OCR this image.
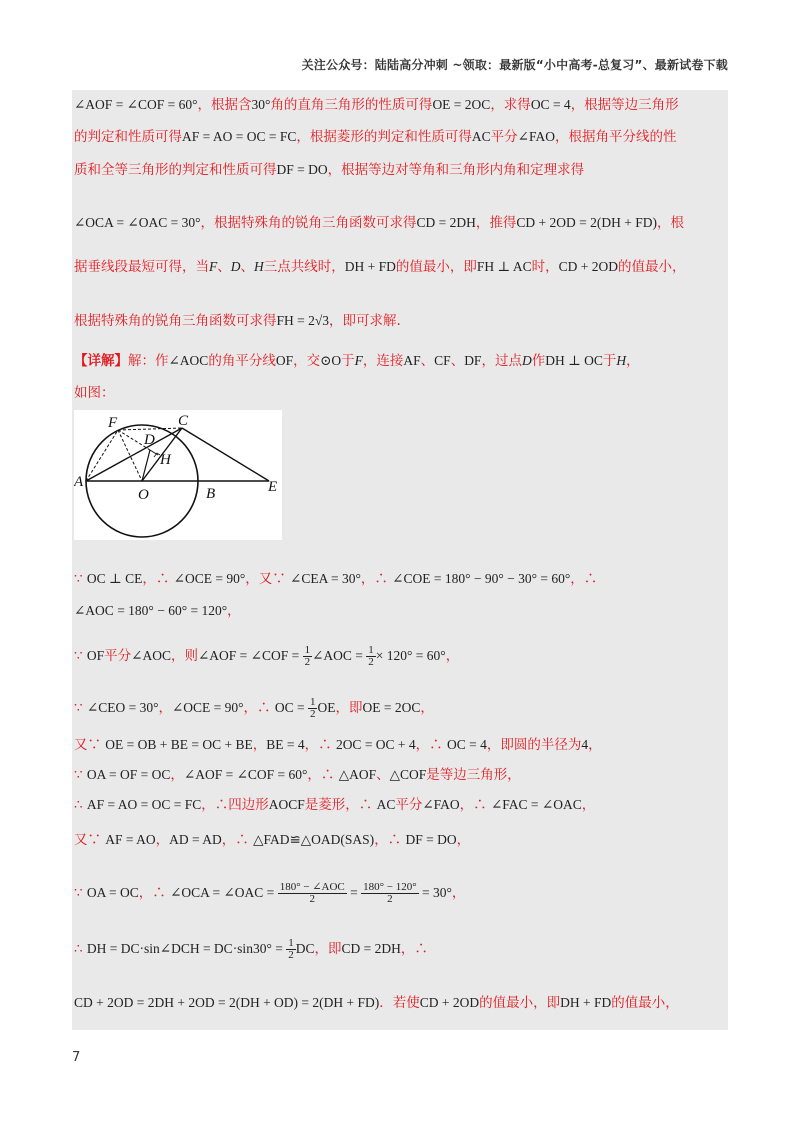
关注公众号：陆陆高分冲刺 ~领取：最新版“小中高考-总复习”、最新试卷下载
∠AOF = ∠COF = 60°，根据含30°角的直角三角形的性质可得OE = 2OC，求得OC = 4，根据等边三角形
的判定和性质可得AF = AO = OC = FC，根据菱形的判定和性质可得AC平分∠FAO，根据角平分线的性
质和全等三角形的判定和性质可得DF = DO，根据等边对等角和三角形内角和定理求得
∠OCA = ∠OAC = 30°，根据特殊角的锐角三角函数可求得CD = 2DH，推得CD + 2OD = 2(DH + FD)，根
据垂线段最短可得，当F、D、H三点共线时，DH + FD的值最小，即FH ⊥ AC时，CD + 2OD的值最小，
根据特殊角的锐角三角函数可求得FH = 2√3，即可求解.
【详解】解：作∠AOC的角平分线OF，交⊙O于F，连接AF、CF、DF，过点D作DH ⊥ OC于H，
如图：
A
B
C
D
E
F
H
O
∵ OC ⊥ CE，∴ ∠OCE = 90°，又∵ ∠CEA = 30°，∴ ∠COE = 180° − 90° − 30° = 60°，∴
∠AOC = 180° − 60° = 120°，
∵ OF平分∠AOC，则∠AOF = ∠COF = $\frac{1}{2}$ ∠AOC = $\frac{1}{2} \times 120^\circ = 60^\circ$，
∵ ∠CEO = 30°，∠OCE = 90°，∴ OC = $\frac{1}{2}$ OE，即OE = 2OC，
又∵ OE = OB + BE = OC + BE，BE = 4，∴ 2OC = OC + 4，∴ OC = 4，即圆的半径为4，
∵ OA = OF = OC，∠AOF = ∠COF = 60°，∴ △AOF、△COF是等边三角形，
∴ AF = AO = OC = FC，∴四边形AOCF是菱形，∴ AC平分∠FAO，∴ ∠FAC = ∠OAC，
又∵ AF = AO，AD = AD，∴ △FAD≌△OAD(SAS)，∴ DF = DO，
∵ OA = OC，∴ ∠OCA = ∠OAC = $\frac{\text{180° − ∠AOC}}{2} = \frac{180^\circ - 120^\circ}{2} = 30^\circ$，
∴ DH = DC·sin∠DCH = $DC\cdot\sin 30^\circ = \frac{1}{2}$ DC，即CD = 2DH，∴
CD + 2OD = 2DH + 2OD = 2(DH + OD) = 2(DH + FD)．若使CD + 2OD的值最小，即DH + FD的值最小，
7
